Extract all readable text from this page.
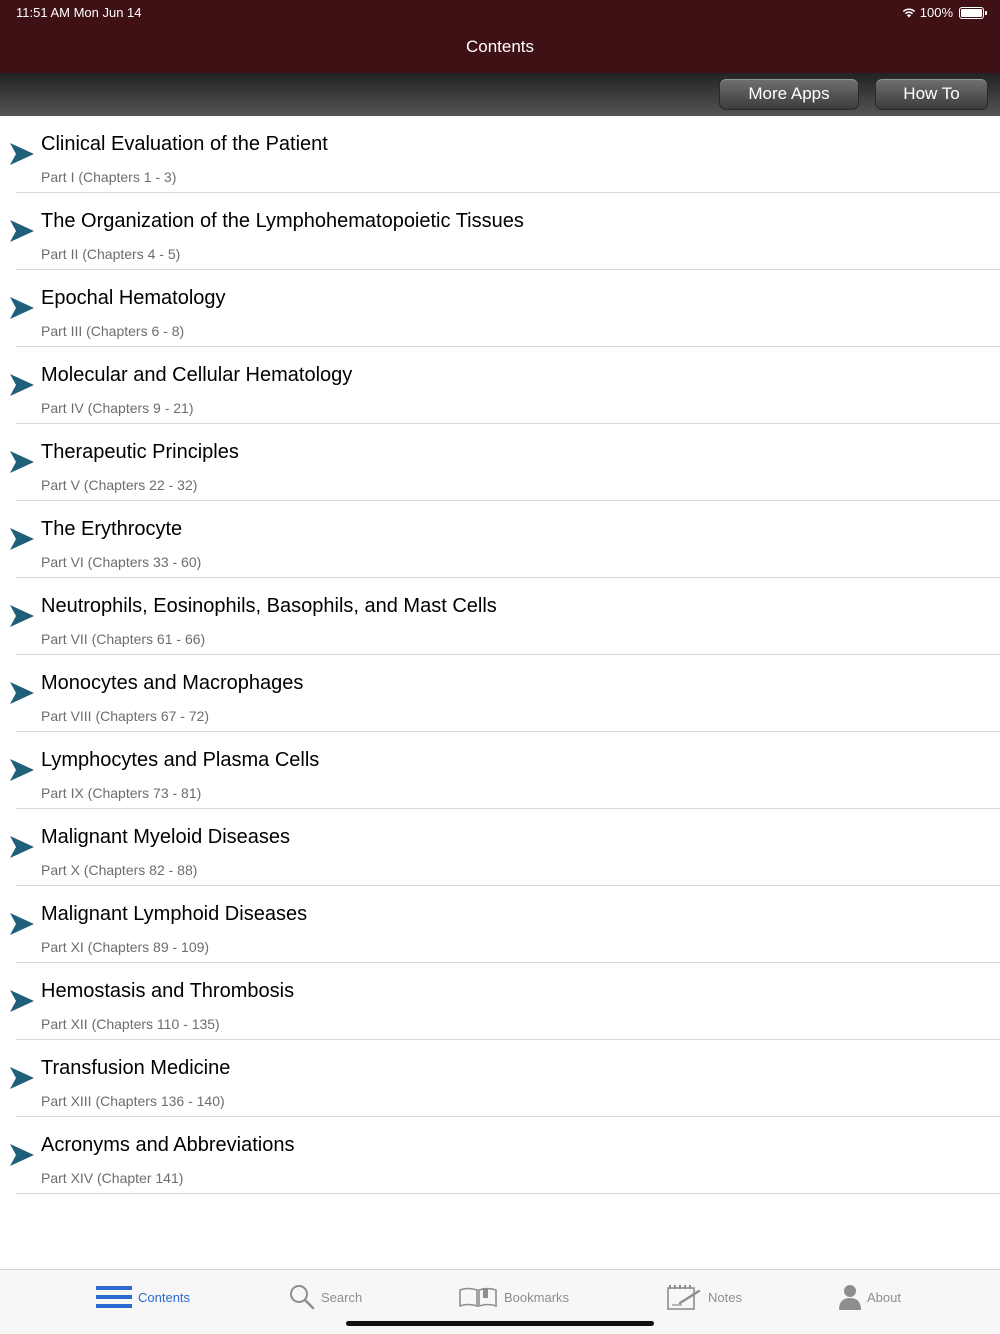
11:51 AM Mon Jun 14	100%
Contents
More Apps	How To
Clinical Evaluation of the Patient
Part I (Chapters 1 - 3)
The Organization of the Lymphohematopoietic Tissues
Part II (Chapters 4 - 5)
Epochal Hematology
Part III (Chapters 6 - 8)
Molecular and Cellular Hematology
Part IV (Chapters 9 - 21)
Therapeutic Principles
Part V (Chapters 22 - 32)
The Erythrocyte
Part VI (Chapters 33 - 60)
Neutrophils, Eosinophils, Basophils, and Mast Cells
Part VII (Chapters 61 - 66)
Monocytes and Macrophages
Part VIII (Chapters 67 - 72)
Lymphocytes and Plasma Cells
Part IX (Chapters 73 - 81)
Malignant Myeloid Diseases
Part X (Chapters 82 - 88)
Malignant Lymphoid Diseases
Part XI (Chapters 89 - 109)
Hemostasis and Thrombosis
Part XII (Chapters 110 - 135)
Transfusion Medicine
Part XIII (Chapters 136 - 140)
Acronyms and Abbreviations
Part XIV (Chapter 141)
Contents	Search	Bookmarks	Notes	About
